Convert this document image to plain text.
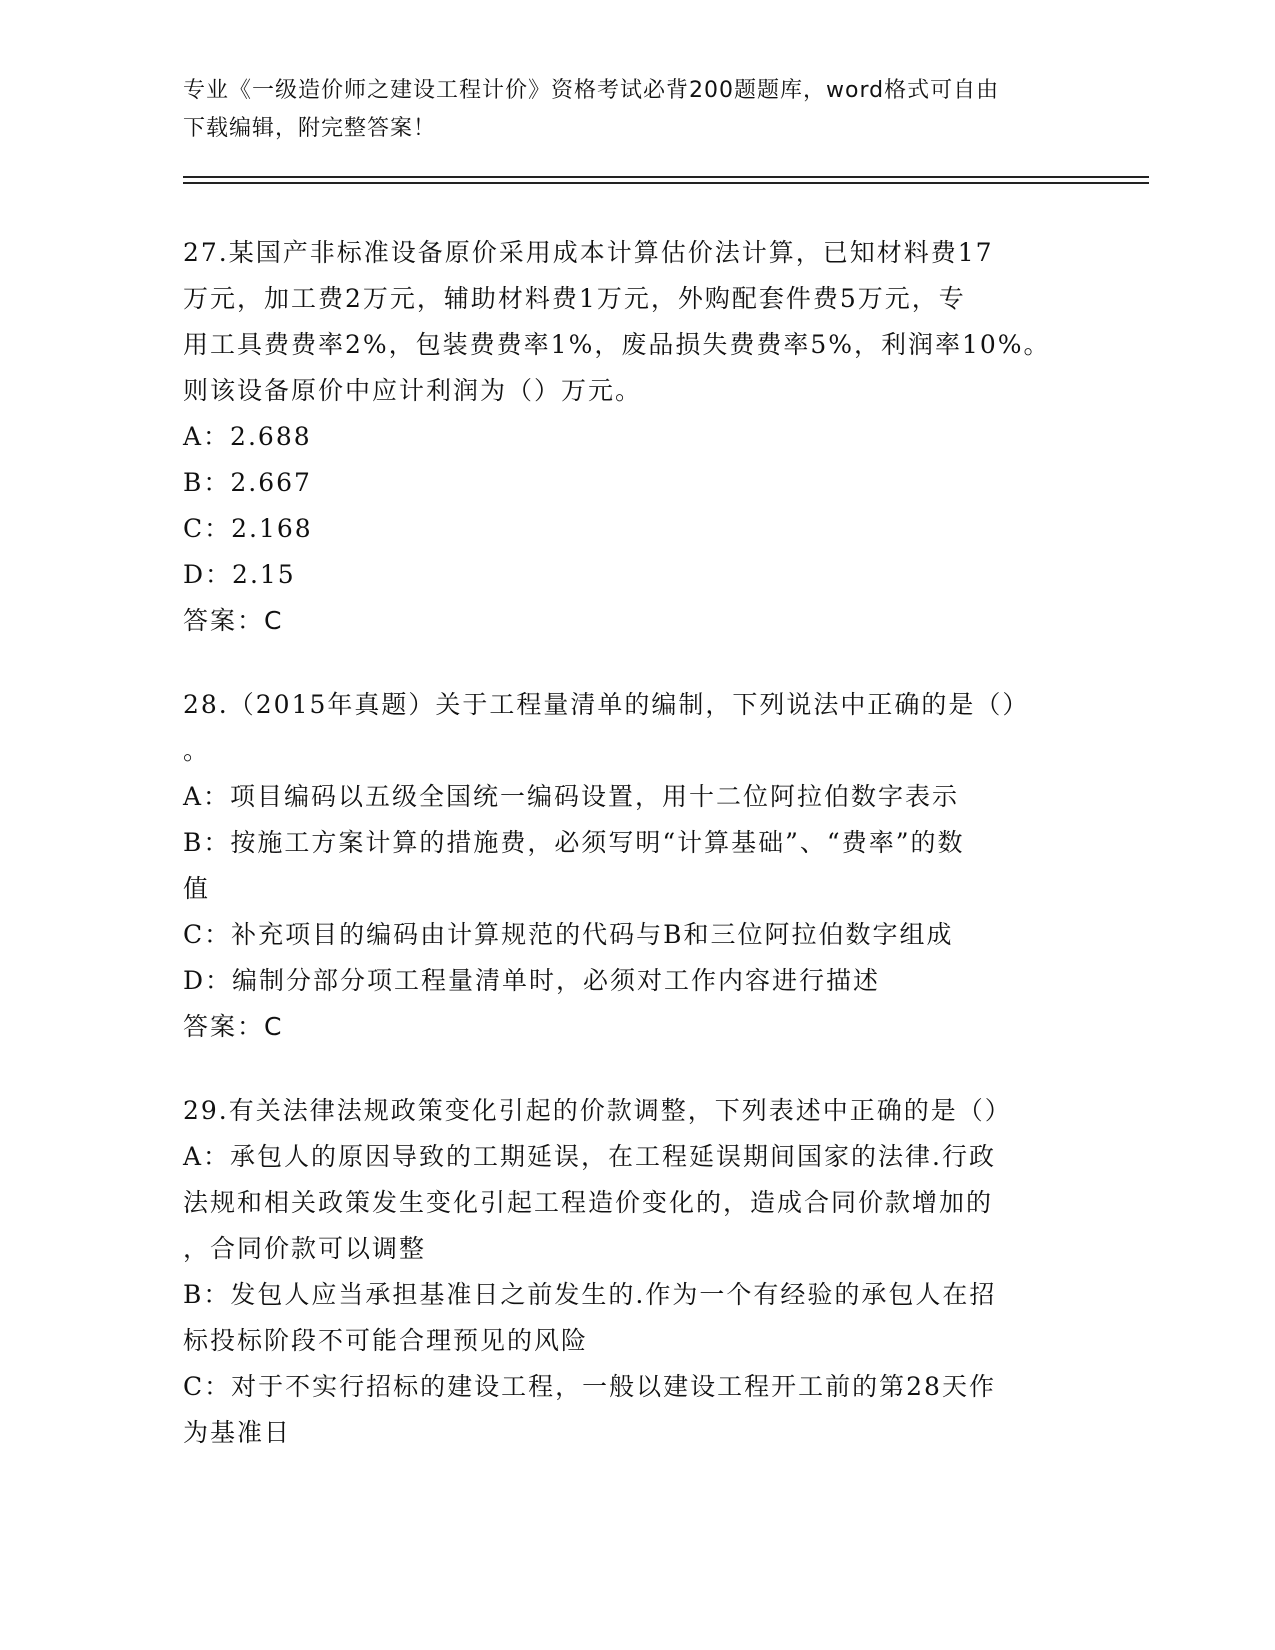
专业《一级造价师之建设工程计价》资格考试必背200题题库，word格式可自由
下载编辑，附完整答案！
27.某国产非标准设备原价采用成本计算估价法计算，已知材料费17
万元，加工费2万元，辅助材料费1万元，外购配套件费5万元，专
用工具费费率2%，包装费费率1%，废品损失费费率5%，利润率10%。
则该设备原价中应计利润为（）万元。
A：2.688
B：2.667
C：2.168
D：2.15
答案：C
28.（2015年真题）关于工程量清单的编制，下列说法中正确的是（）
。
A：项目编码以五级全国统一编码设置，用十二位阿拉伯数字表示
B：按施工方案计算的措施费，必须写明“计算基础”、“费率”的数
值
C：补充项目的编码由计算规范的代码与B和三位阿拉伯数字组成
D：编制分部分项工程量清单时，必须对工作内容进行描述
答案：C
29.有关法律法规政策变化引起的价款调整，下列表述中正确的是（）
A：承包人的原因导致的工期延误，在工程延误期间国家的法律.行政
法规和相关政策发生变化引起工程造价变化的，造成合同价款增加的
，合同价款可以调整
B：发包人应当承担基准日之前发生的.作为一个有经验的承包人在招
标投标阶段不可能合理预见的风险
C：对于不实行招标的建设工程，一般以建设工程开工前的第28天作
为基准日
